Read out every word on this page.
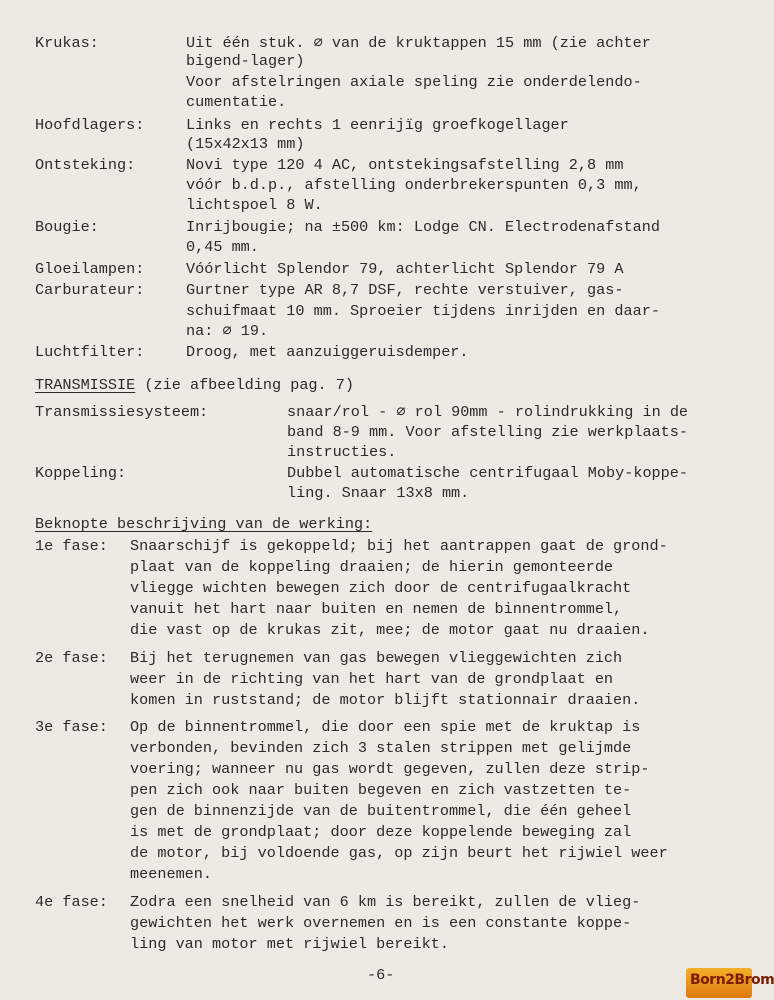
Krukas:	Uit één stuk. ∅ van de kruktappen 15 mm (zie achter
bigend-lager)
Voor afstelringen axiale speling zie onderdelendo-
cumentatie.
Hoofdlagers:	Links en rechts 1 eenrijïg groefkogellager
(15x42x13 mm)
Ontsteking:	Novi type 120 4 AC, ontstekingsafstelling 2,8 mm
vóór b.d.p., afstelling onderbrekerspunten 0,3 mm,
lichtspoel 8 W.
Bougie:	Inrijbougie; na ±500 km: Lodge CN. Electrodenafstand
0,45 mm.
Gloeilampen:	Vóórlicht Splendor 79, achterlicht Splendor 79 A
Carburateur:	Gurtner type AR 8,7 DSF, rechte verstuiver, gas-
schuifmaat 10 mm. Sproeier tijdens inrijden en daar-
na: ∅ 19.
Luchtfilter:	Droog, met aanzuiggeruisdemper.
TRANSMISSIE (zie afbeelding pag. 7)
Transmissiesysteem:	snaar/rol - ∅ rol 90mm - rolindrukking in de
band 8-9 mm. Voor afstelling zie werkplaats-
instructies.
Koppeling:	Dubbel automatische centrifugaal Moby-koppe-
ling. Snaar 13x8 mm.
Beknopte beschrijving van de werking:
1e fase: Snaarschijf is gekoppeld; bij het aantrappen gaat de grond-
plaat van de koppeling draaien; de hierin gemonteerde
vliegge wichten bewegen zich door de centrifugaalkracht
vanuit het hart naar buiten en nemen de binnentrommel,
die vast op de krukas zit, mee; de motor gaat nu draaien.
2e fase: Bij het terugnemen van gas bewegen vlieggewichten zich
weer in de richting van het hart van de grondplaat en
komen in ruststand; de motor blijft stationnair draaien.
3e fase: Op de binnentrommel, die door een spie met de kruktap is
verbonden, bevinden zich 3 stalen strippen met gelijmde
voering; wanneer nu gas wordt gegeven, zullen deze strip-
pen zich ook naar buiten begeven en zich vastzetten te-
gen de binnenzijde van de buitentrommel, die één geheel
is met de grondplaat; door deze koppelende beweging zal
de motor, bij voldoende gas, op zijn beurt het rijwiel weer
meenemen.
4e fase: Zodra een snelheid van 6 km is bereikt, zullen de vlieg-
gewichten het werk overnemen en is een constante koppe-
ling van motor met rijwiel bereikt.
-6-	Born2Brom
